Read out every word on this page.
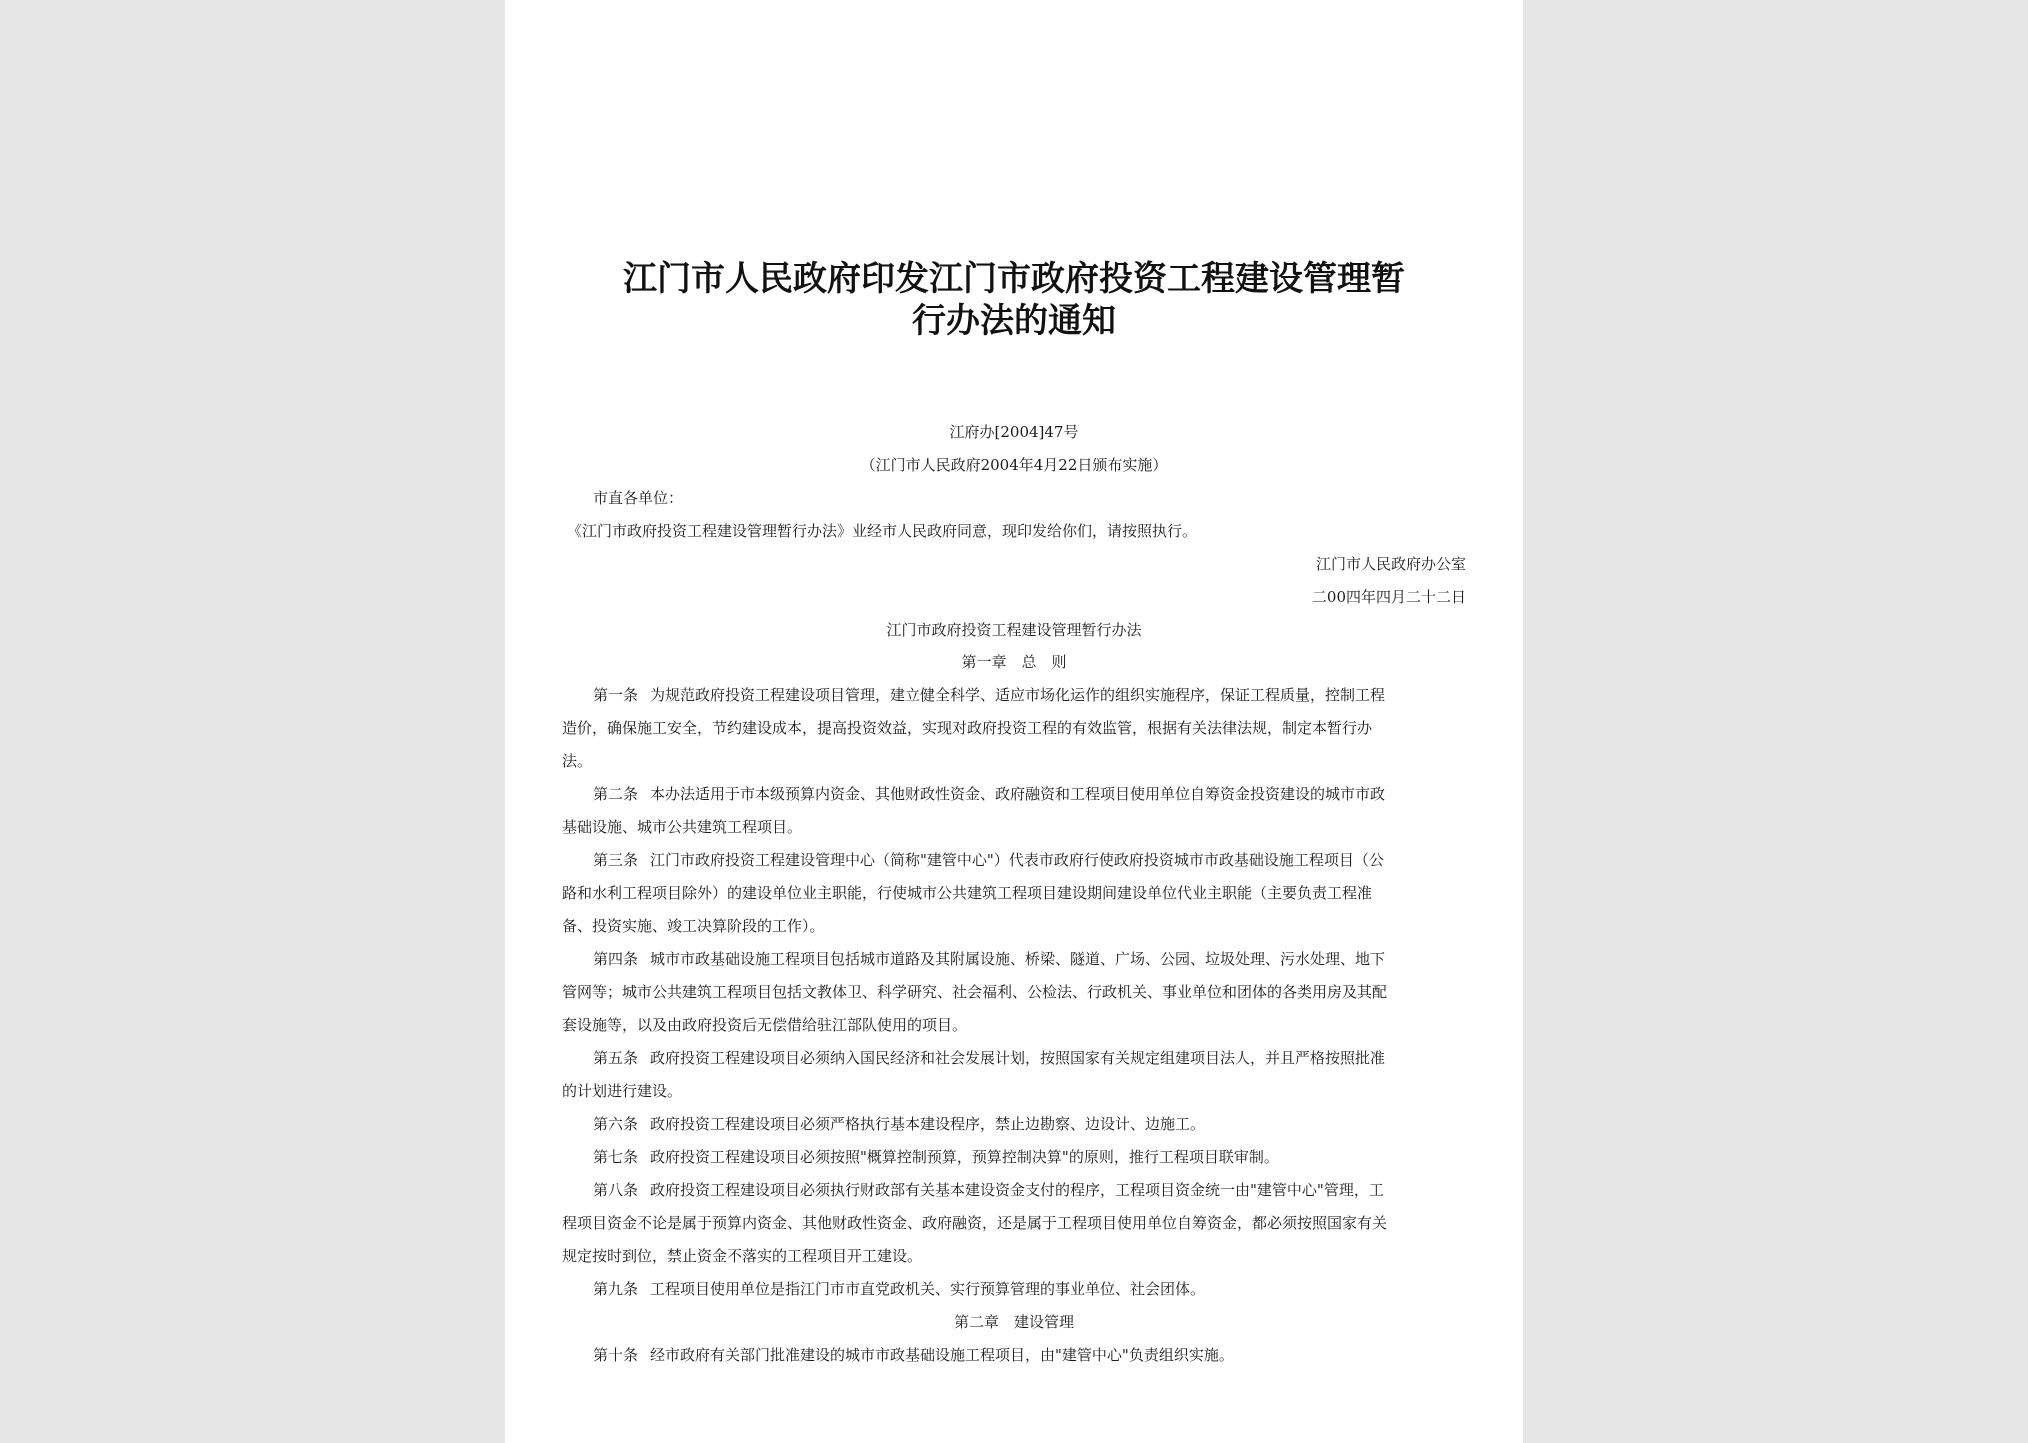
江门市人民政府印发江门市政府投资工程建设管理暂
行办法的通知
江府办[2004]47号
（江门市人民政府2004年4月22日颁布实施）
市直各单位：
《江门市政府投资工程建设管理暂行办法》业经市人民政府同意，现印发给你们，请按照执行。
江门市人民政府办公室
二00四年四月二十二日
江门市政府投资工程建设管理暂行办法
第一章　总　则
第一条 为规范政府投资工程建设项目管理，建立健全科学、适应市场化运作的组织实施程序，保证工程质量，控制工程
造价，确保施工安全，节约建设成本，提高投资效益，实现对政府投资工程的有效监管，根据有关法律法规，制定本暂行办
法。
第二条 本办法适用于市本级预算内资金、其他财政性资金、政府融资和工程项目使用单位自筹资金投资建设的城市市政
基础设施、城市公共建筑工程项目。
第三条 江门市政府投资工程建设管理中心（简称"建管中心"）代表市政府行使政府投资城市市政基础设施工程项目（公
路和水利工程项目除外）的建设单位业主职能，行使城市公共建筑工程项目建设期间建设单位代业主职能（主要负责工程准
备、投资实施、竣工决算阶段的工作）。
第四条 城市市政基础设施工程项目包括城市道路及其附属设施、桥梁、隧道、广场、公园、垃圾处理、污水处理、地下
管网等；城市公共建筑工程项目包括文教体卫、科学研究、社会福利、公检法、行政机关、事业单位和团体的各类用房及其配
套设施等，以及由政府投资后无偿借给驻江部队使用的项目。
第五条 政府投资工程建设项目必须纳入国民经济和社会发展计划，按照国家有关规定组建项目法人，并且严格按照批准
的计划进行建设。
第六条 政府投资工程建设项目必须严格执行基本建设程序，禁止边勘察、边设计、边施工。
第七条 政府投资工程建设项目必须按照"概算控制预算，预算控制决算"的原则，推行工程项目联审制。
第八条 政府投资工程建设项目必须执行财政部有关基本建设资金支付的程序，工程项目资金统一由"建管中心"管理，工
程项目资金不论是属于预算内资金、其他财政性资金、政府融资，还是属于工程项目使用单位自筹资金，都必须按照国家有关
规定按时到位，禁止资金不落实的工程项目开工建设。
第九条 工程项目使用单位是指江门市市直党政机关、实行预算管理的事业单位、社会团体。
第二章　建设管理
第十条 经市政府有关部门批准建设的城市市政基础设施工程项目，由"建管中心"负责组织实施。
